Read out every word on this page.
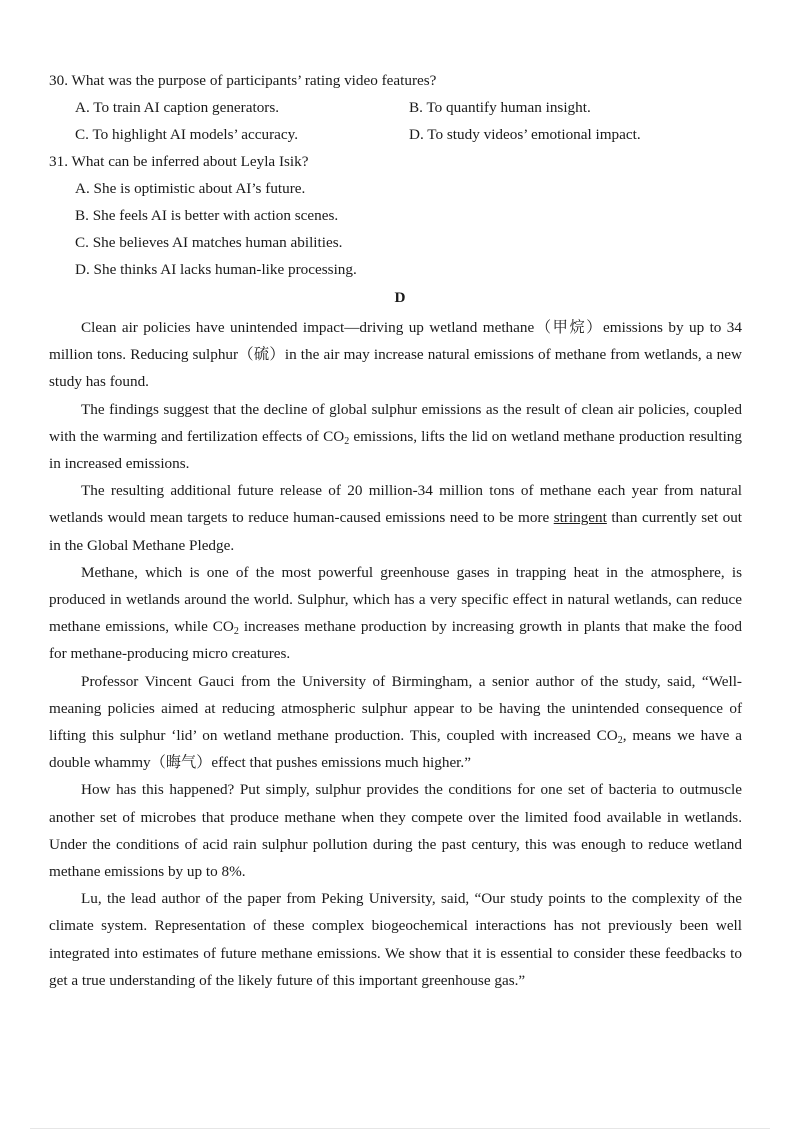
30. What was the purpose of participants’ rating video features?
A. To train AI caption generators.	B. To quantify human insight.
C. To highlight AI models’ accuracy.	D. To study videos’ emotional impact.
31. What can be inferred about Leyla Isik?
A. She is optimistic about AI’s future.
B. She feels AI is better with action scenes.
C. She believes AI matches human abilities.
D. She thinks AI lacks human-like processing.
D

Clean air policies have unintended impact—driving up wetland methane（甲烷）emissions by up to 34 million tons. Reducing sulphur（硫）in the air may increase natural emissions of methane from wetlands, a new study has found.

The findings suggest that the decline of global sulphur emissions as the result of clean air policies, coupled with the warming and fertilization effects of $CO_2$ emissions, lifts the lid on wetland methane production resulting in increased emissions.

The resulting additional future release of 20 million-34 million tons of methane each year from natural wetlands would mean targets to reduce human-caused emissions need to be more stringent than currently set out in the Global Methane Pledge.

Methane, which is one of the most powerful greenhouse gases in trapping heat in the atmosphere, is produced in wetlands around the world. Sulphur, which has a very specific effect in natural wetlands, can reduce methane emissions, while $CO_2$ increases methane production by increasing growth in plants that make the food for methane-producing micro creatures.

Professor Vincent Gauci from the University of Birmingham, a senior author of the study, said, “Well-meaning policies aimed at reducing atmospheric sulphur appear to be having the unintended consequence of lifting this sulphur ‘lid’ on wetland methane production. This, coupled with increased $CO_2$, means we have a double whammy（晦气）effect that pushes emissions much higher.”

How has this happened? Put simply, sulphur provides the conditions for one set of bacteria to outmuscle another set of microbes that produce methane when they compete over the limited food available in wetlands. Under the conditions of acid rain sulphur pollution during the past century, this was enough to reduce wetland methane emissions by up to 8%.

Lu, the lead author of the paper from Peking University, said, “Our study points to the complexity of the climate system. Representation of these complex biogeochemical interactions has not previously been well integrated into estimates of future methane emissions. We show that it is essential to consider these feedbacks to get a true understanding of the likely future of this important greenhouse gas.”
